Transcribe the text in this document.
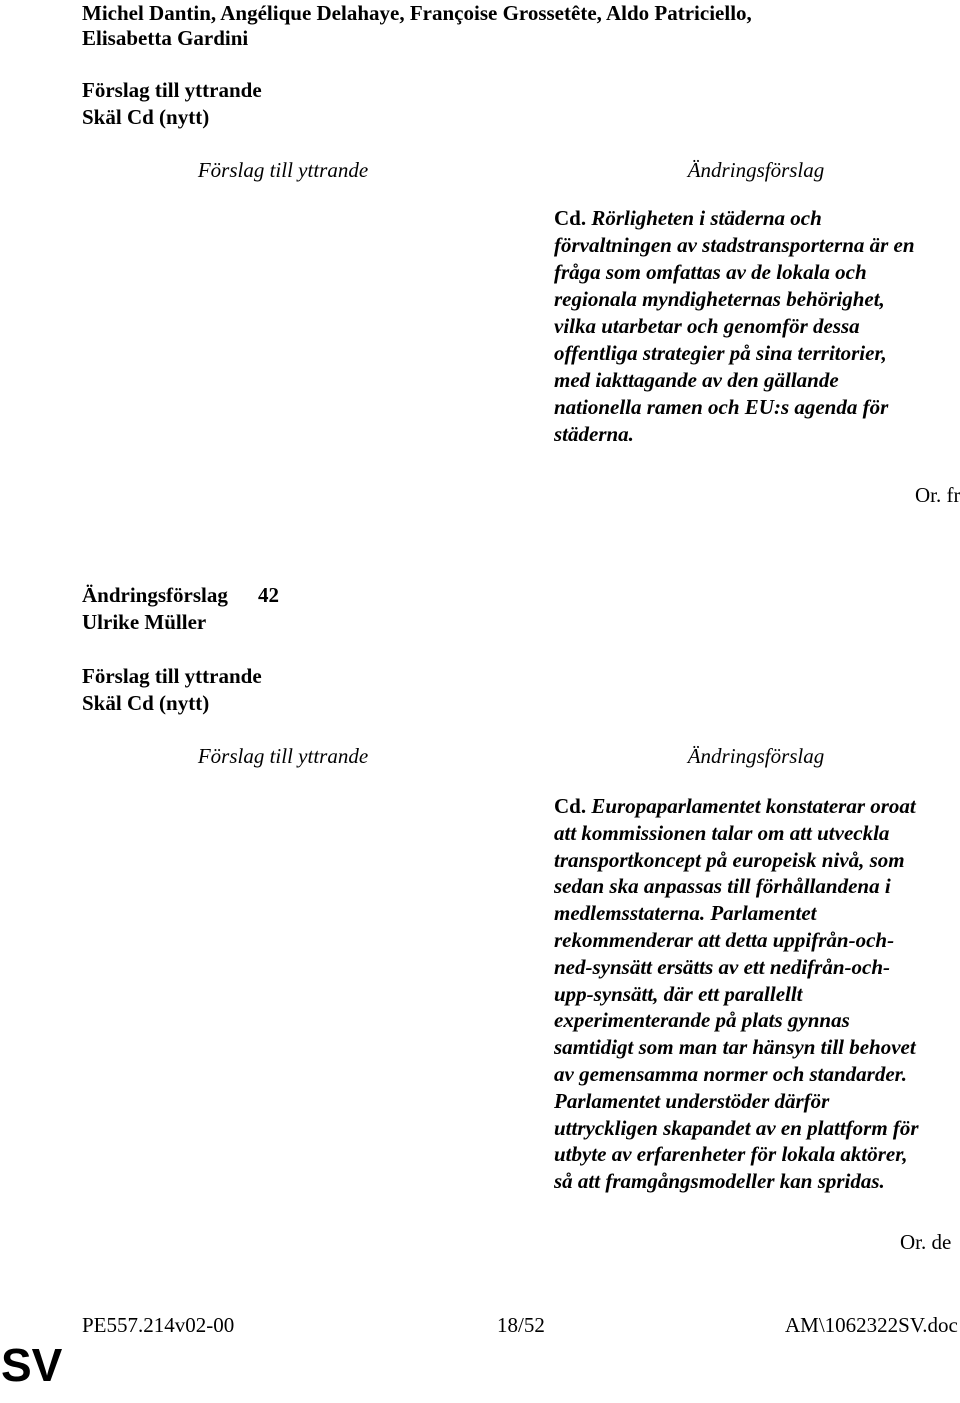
Michel Dantin, Angélique Delahaye, Françoise Grossetête, Aldo Patriciello,
Elisabetta Gardini
Förslag till yttrande
Skäl Cd (nytt)
Förslag till yttrande	Ändringsförslag
Cd. Rörligheten i städerna och
förvaltningen av stadstransporterna är en
fråga som omfattas av de lokala och
regionala myndigheternas behörighet,
vilka utarbetar och genomför dessa
offentliga strategier på sina territorier,
med iakttagande av den gällande
nationella ramen och EU:s agenda för
städerna.
Or. fr
Ändringsförslag 42
Ulrike Müller
Förslag till yttrande
Skäl Cd (nytt)
Förslag till yttrande	Ändringsförslag
Cd. Europaparlamentet konstaterar oroat
att kommissionen talar om att utveckla
transportkoncept på europeisk nivå, som
sedan ska anpassas till förhållandena i
medlemsstaterna. Parlamentet
rekommenderar att detta uppifrån-och-
ned-synsätt ersätts av ett nedifrån-och-
upp-synsätt, där ett parallellt
experimenterande på plats gynnas
samtidigt som man tar hänsyn till behovet
av gemensamma normer och standarder.
Parlamentet understöder därför
uttryckligen skapandet av en plattform för
utbyte av erfarenheter för lokala aktörer,
så att framgångsmodeller kan spridas.
Or. de
PE557.214v02-00	18/52	AM\1062322SV.doc
SV
